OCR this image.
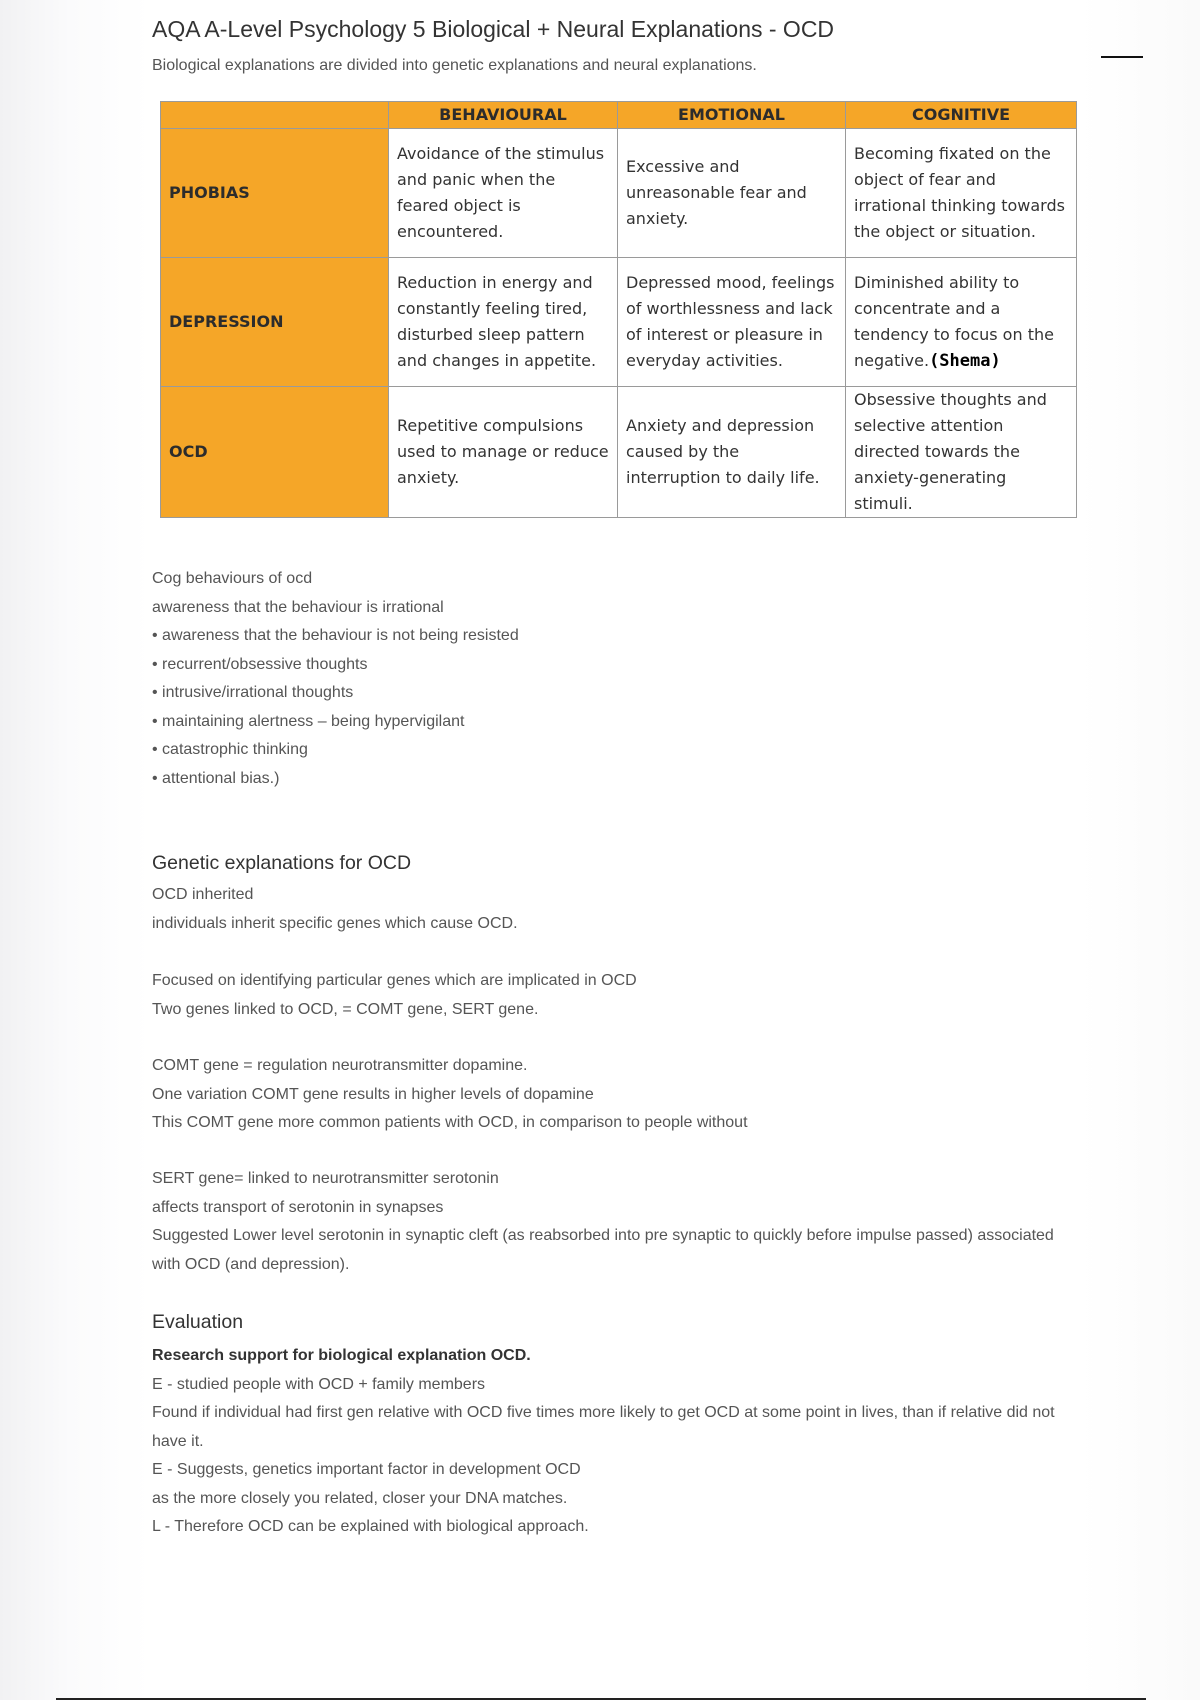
AQA A-Level Psychology 5 Biological + Neural Explanations - OCD

Biological explanations are divided into genetic explanations and neural explanations.

	BEHAVIOURAL	EMOTIONAL	COGNITIVE
PHOBIAS	Avoidance of the stimulus and panic when the feared object is encountered.	Excessive and unreasonable fear and anxiety.	Becoming fixated on the object of fear and irrational thinking towards the object or situation.
DEPRESSION	Reduction in energy and constantly feeling tired, disturbed sleep pattern and changes in appetite.	Depressed mood, feelings of worthlessness and lack of interest or pleasure in everyday activities.	Diminished ability to concentrate and a tendency to focus on the negative.(Shema)
OCD	Repetitive compulsions used to manage or reduce anxiety.	Anxiety and depression caused by the interruption to daily life.	Obsessive thoughts and selective attention directed towards the anxiety-generating stimuli.

Cog behaviours of ocd

awareness that the behaviour is irrational

• awareness that the behaviour is not being resisted

• recurrent/obsessive thoughts

• intrusive/irrational thoughts

• maintaining alertness – being hypervigilant

• catastrophic thinking

• attentional bias.)

Genetic explanations for OCD

OCD inherited

individuals inherit specific genes which cause OCD.

Focused on identifying particular genes which are implicated in OCD

Two genes linked to OCD, = COMT gene, SERT gene.

COMT gene = regulation neurotransmitter dopamine.

One variation COMT gene results in higher levels of dopamine

This COMT gene more common patients with OCD, in comparison to people without

SERT gene= linked to neurotransmitter serotonin

affects transport of serotonin in synapses

Suggested Lower level serotonin in synaptic cleft (as reabsorbed into pre synaptic to quickly before impulse passed) associated with OCD (and depression).

Evaluation

Research support for biological explanation OCD.

E - studied people with OCD + family members

Found if individual had first gen relative with OCD five times more likely to get OCD at some point in lives, than if relative did not have it.

E - Suggests, genetics important factor in development OCD

as the more closely you related, closer your DNA matches.

L - Therefore OCD can be explained with biological approach.
